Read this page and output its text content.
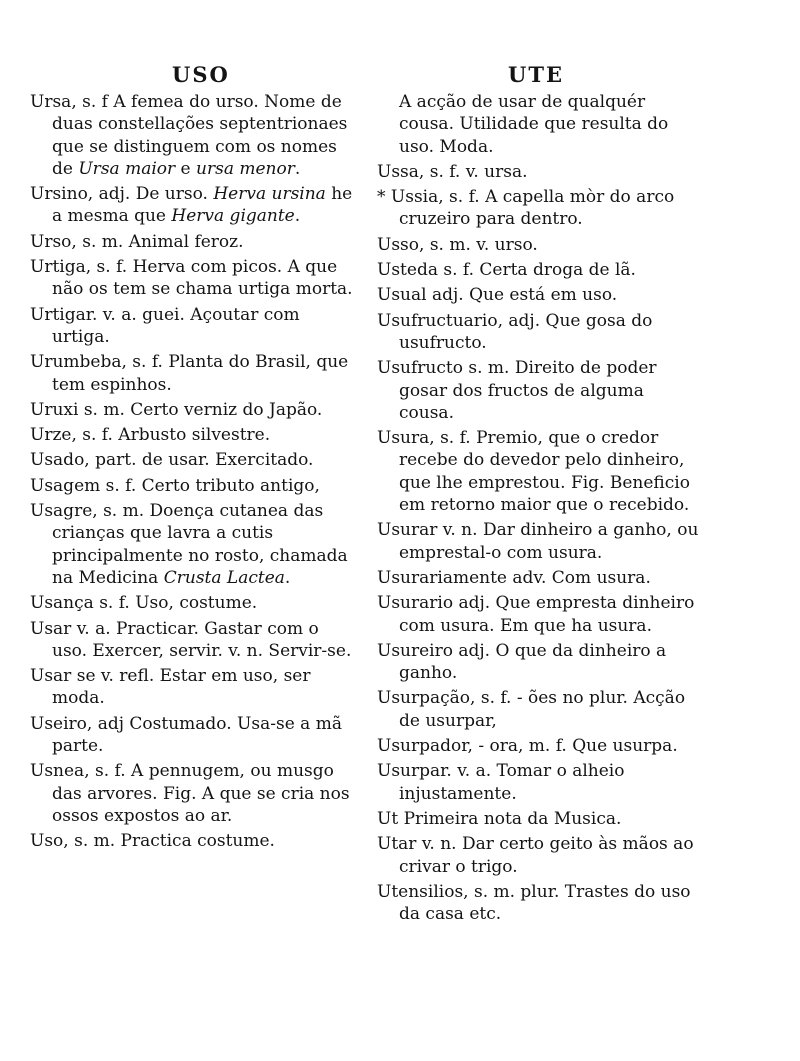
USO	UTE

Ursa, s. f A femea do urso. Nome de duas constellações septentrionaes que se distinguem com os nomes de Ursa maior e ursa menor.

Ursino, adj. De urso. Herva ursina he a mesma que Herva gigante.

Urso, s. m. Animal feroz.

Urtiga, s. f. Herva com picos. A que não os tem se chama urtiga morta.

Urtigar. v. a. guei. Açoutar com urtiga.

Urumbeba, s. f. Planta do Brasil, que tem espinhos.

Uruxi s. m. Certo verniz do Japão.

Urze, s. f. Arbusto silvestre.

Usado, part. de usar. Exercitado.

Usagem s. f. Certo tributo antigo,

Usagre, s. m. Doença cutanea das crianças que lavra a cutis principalmente no rosto, chamada na Medicina Crusta Lactea.

Usança s. f. Uso, costume.

Usar v. a. Practicar. Gastar com o uso. Exercer, servir. v. n. Servir-se.

Usar se v. refl. Estar em uso, ser moda.

Useiro, adj Costumado. Usa-se a mã parte.

Usnea, s. f. A pennugem, ou musgo das arvores. Fig. A que se cria nos ossos expostos ao ar.

Uso, s. m. Practica costume.

A acção de usar de qualquér cousa. Utilidade que resulta do uso. Moda.

Ussa, s. f. v. ursa.

* Ussia, s. f. A capella mòr do arco cruzeiro para dentro.

Usso, s. m. v. urso.

Usteda s. f. Certa droga de lã.

Usual adj. Que está em uso.

Usufructuario, adj. Que gosa do usufructo.

Usufructo s. m. Direito de poder gosar dos fructos de alguma cousa.

Usura, s. f. Premio, que o credor recebe do devedor pelo dinheiro, que lhe emprestou. Fig. Beneficio em retorno maior que o recebido.

Usurar v. n. Dar dinheiro a ganho, ou emprestal-o com usura.

Usurariamente adv. Com usura.

Usurario adj. Que empresta dinheiro com usura. Em que ha usura.

Usureiro adj. O que da dinheiro a ganho.

Usurpação, s. f. - ões no plur. Acção de usurpar,

Usurpador, - ora, m. f. Que usurpa.

Usurpar. v. a. Tomar o alheio injustamente.

Ut Primeira nota da Musica.

Utar v. n. Dar certo geito às mãos ao crivar o trigo.

Utensilios, s. m. plur. Trastes do uso da casa etc.
